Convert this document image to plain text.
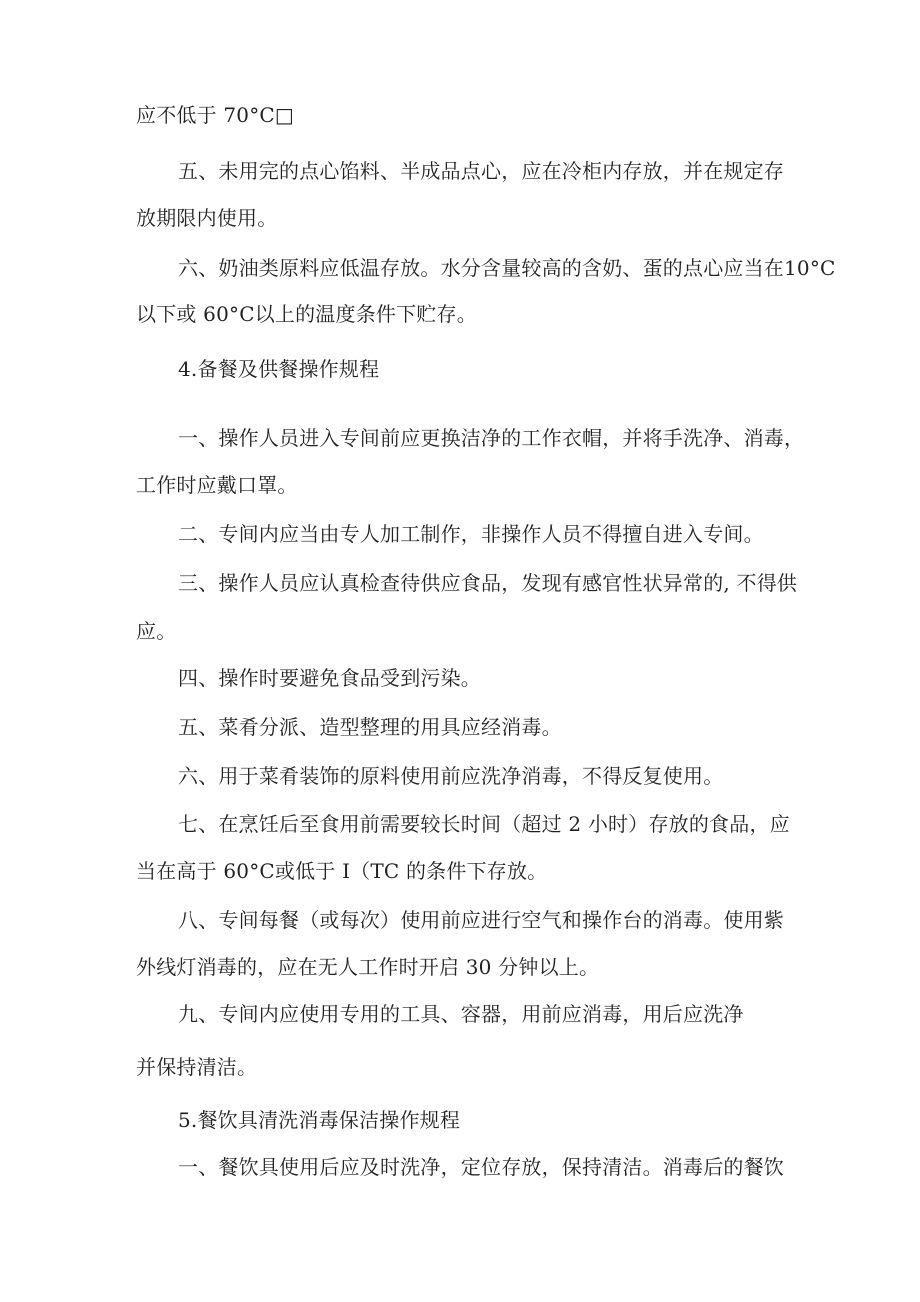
应不低于 70°C□
五、未用完的点心馅料、半成品点心，应在冷柜内存放，并在规定存
放期限内使用。
六、奶油类原料应低温存放。水分含量较高的含奶、蛋的点心应当在10°C
以下或 60°C以上的温度条件下贮存。
4.备餐及供餐操作规程
一、操作人员进入专间前应更换洁净的工作衣帽，并将手洗净、消毒，
工作时应戴口罩。
二、专间内应当由专人加工制作，非操作人员不得擅自进入专间。
三、操作人员应认真检查待供应食品，发现有感官性状异常的, 不得供
应。
四、操作时要避免食品受到污染。
五、菜肴分派、造型整理的用具应经消毒。
六、用于菜肴装饰的原料使用前应洗净消毒，不得反复使用。
七、在烹饪后至食用前需要较长时间（超过 2 小时）存放的食品，应
当在高于 60°C或低于 I（TC 的条件下存放。
八、专间每餐（或每次）使用前应进行空气和操作台的消毒。使用紫
外线灯消毒的，应在无人工作时开启 30 分钟以上。
九、专间内应使用专用的工具、容器，用前应消毒，用后应洗净
并保持清洁。
5.餐饮具清洗消毒保洁操作规程
一、餐饮具使用后应及时洗净，定位存放，保持清洁。消毒后的餐饮
